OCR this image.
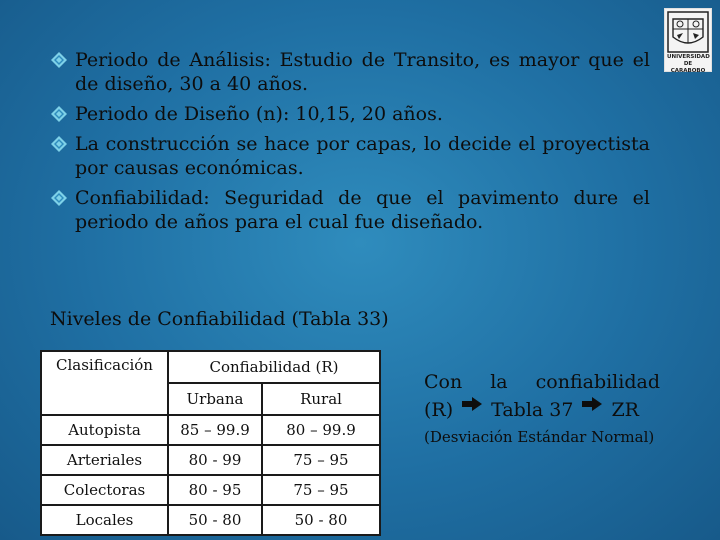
UNIVERSIDAD DE CARABOBO
Periodo de Análisis: Estudio de Transito, es mayor que el de diseño, 30 a 40 años.
Periodo de Diseño (n): 10,15, 20 años.
La construcción se hace por capas, lo decide el proyectista por causas económicas.
Confiabilidad: Seguridad de que el pavimento dure el periodo de años para el cual fue diseñado.
Niveles de Confiabilidad (Tabla 33)
Clasificación	Confiabilidad (R)	
	Urbana	Rural
Autopista	85 – 99.9	80 – 99.9
Arteriales	80 - 99	75 – 95
Colectoras	80 - 95	75 – 95
Locales	50 - 80	50 - 80
Con la confiabilidad
(R) Tabla 37 ZR
(Desviación Estándar Normal)
